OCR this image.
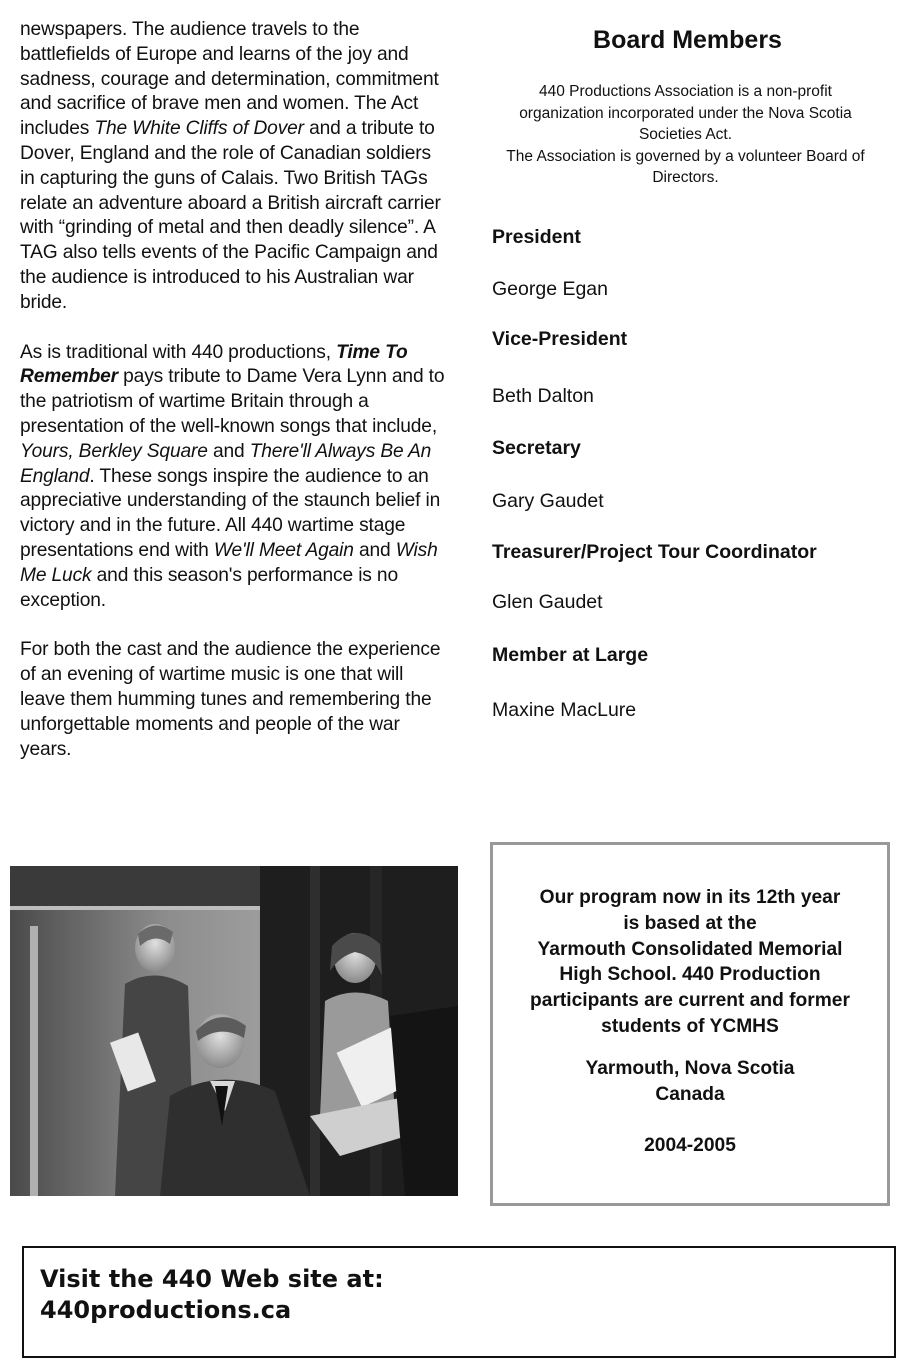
newspapers. The audience travels to the battlefields of Europe and learns of the joy and sadness, courage and determination, commitment and sacrifice of brave men and women. The Act includes The White Cliffs of Dover and a tribute to Dover, England and the role of Canadian soldiers in capturing the guns of Calais. Two British TAGs relate an adventure aboard a British aircraft carrier with “grinding of metal and then deadly silence”. A TAG also tells events of the Pacific Campaign and the audience is introduced to his Australian war bride.

As is traditional with 440 productions, Time To Remember pays tribute to Dame Vera Lynn and to the patriotism of wartime Britain through a presentation of the well-known songs that include, Yours, Berkley Square and There'll Always Be An England. These songs inspire the audience to an appreciative understanding of the staunch belief in victory and in the future. All 440 wartime stage presentations end with We'll Meet Again and Wish Me Luck and this season's performance is no exception.

For both the cast and the audience the experience of an evening of wartime music is one that will leave them humming tunes and remembering the unforgettable moments and people of the war years.

Board Members
440 Productions Association is a non-profit organization incorporated under the Nova Scotia Societies Act.
The Association is governed by a volunteer Board of Directors.
President
George Egan
Vice-President
Beth Dalton
Secretary
Gary Gaudet
Treasurer/Project Tour Coordinator
Glen Gaudet
Member at Large
Maxine MacLure
Our program now in its 12th year
is based at the
Yarmouth Consolidated Memorial
High School. 440 Production
participants are current and former
students of YCMHS
Yarmouth, Nova Scotia
Canada
2004-2005
Visit the 440 Web site at:
440productions.ca
